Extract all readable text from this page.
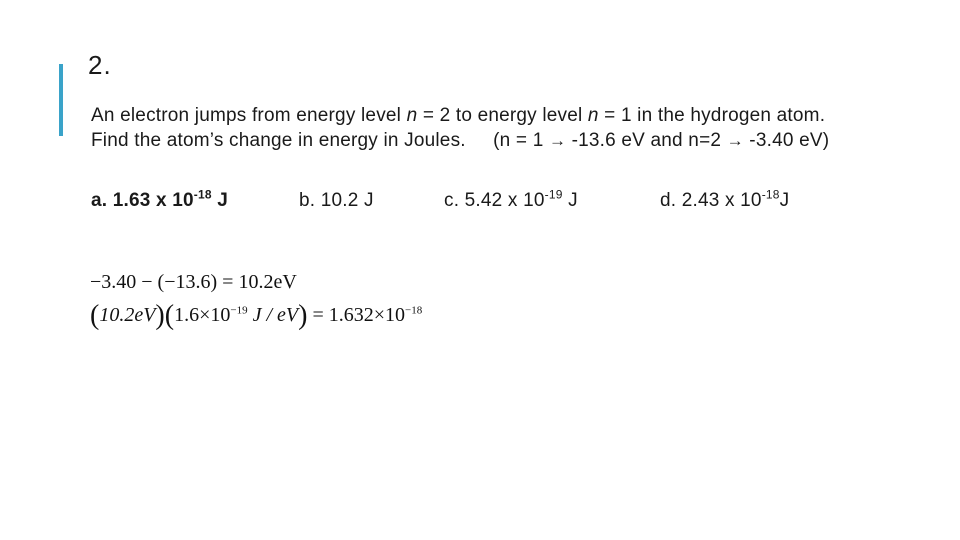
2.
An electron jumps from energy level n = 2 to energy level n = 1 in the hydrogen atom. Find the atom’s change in energy in Joules.     (n = 1 → -13.6 eV and n=2 → -3.40 eV)
a. 1.63 x $10^{-18}$ J	b. 10.2 J	c. 5.42 x $10^{-19}$ J	d. 2.43 x $10^{-18}J$
−3.40 − (−13.6) = 10.2eV
$(10.2eV)(1.6\times 10^{-19}$ $J / eV) = 1.632\times 10^{-18}$
